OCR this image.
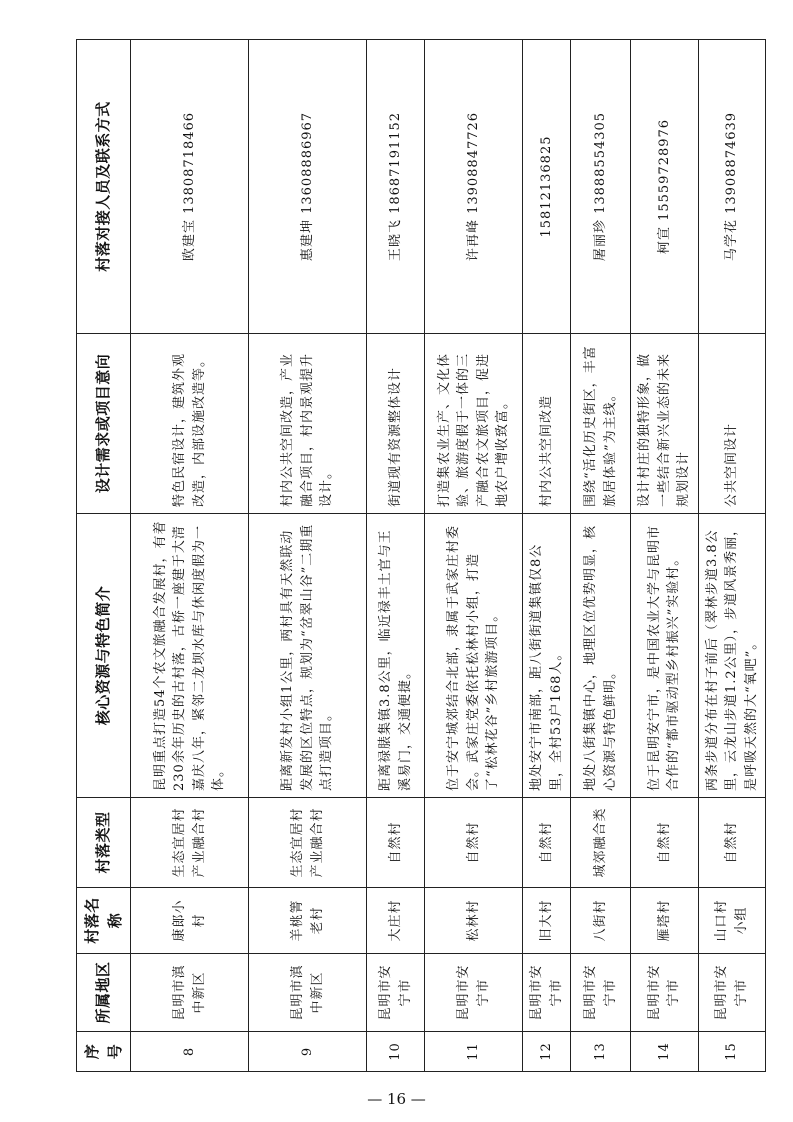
序号	所属地区	村落名称	村落类型	核心资源与特色简介	设计需求或项目意向	村落对接人员及联系方式
8	昆明市滇中新区	康郎小村	生态宜居村产业融合村	昆明重点打造54个农文旅融合发展村，有着230余年历史的古村落，古桥一座建于大清嘉庆八年，紧邻二龙坝水库与休闲度假为一体。	特色民宿设计，建筑外观改造，内部设施改造等。	欧建宝 13808718466
9	昆明市滇中新区	羊桃箐老村	生态宜居村产业融合村	距离新发村小组1公里，两村具有天然联动发展的区位特点，规划为“岔翠山谷”二期重点打造项目。	村内公共空间改造，产业融合项目，村内景观提升设计。	惠建坤 13608886967
10	昆明市安宁市	大庄村	自然村	距离禄脿集镇3.8公里，临近禄丰土官与王溪易门，交通便捷。	街道现有资源整体设计	王晓飞 18687191152
11	昆明市安宁市	松林村	自然村	位于安宁城郊结合北部，隶属于武家庄村委会。武家庄党委依托松林村小组，打造了“松林花谷”乡村旅游项目。	打造集农业生产、文化体验、旅游度假于一体的三产融合农文旅项目，促进地农户增收致富。	许再峰 13908847726
12	昆明市安宁市	旧大村	自然村	地处安宁市南部，距八街街道集镇仅8公里，全村53户168人。	村内公共空间改造	15812136825
13	昆明市安宁市	八街村	城郊融合类	地处八街集镇中心，地理区位优势明显，核心资源与特色鲜明。	围绕“活化历史街区，丰富旅居体验”为主线。	屠丽珍 13888554305
14	昆明市安宁市	雁塔村	自然村	位于昆明安宁市，是中国农业大学与昆明市合作的“都市驱动型乡村振兴”实验村。	设计村庄的独特形象，做一些结合新兴业态的未来规划设计	柯宣 15559728976
15	昆明市安宁市	山口村小组	自然村	两条步道分布在村子前后（翠林步道3.8公里，云龙山步道1.2公里），步道风景秀丽，是呼吸天然的大“氧吧”。	公共空间设计	马学花 13908874639
— 16 —
